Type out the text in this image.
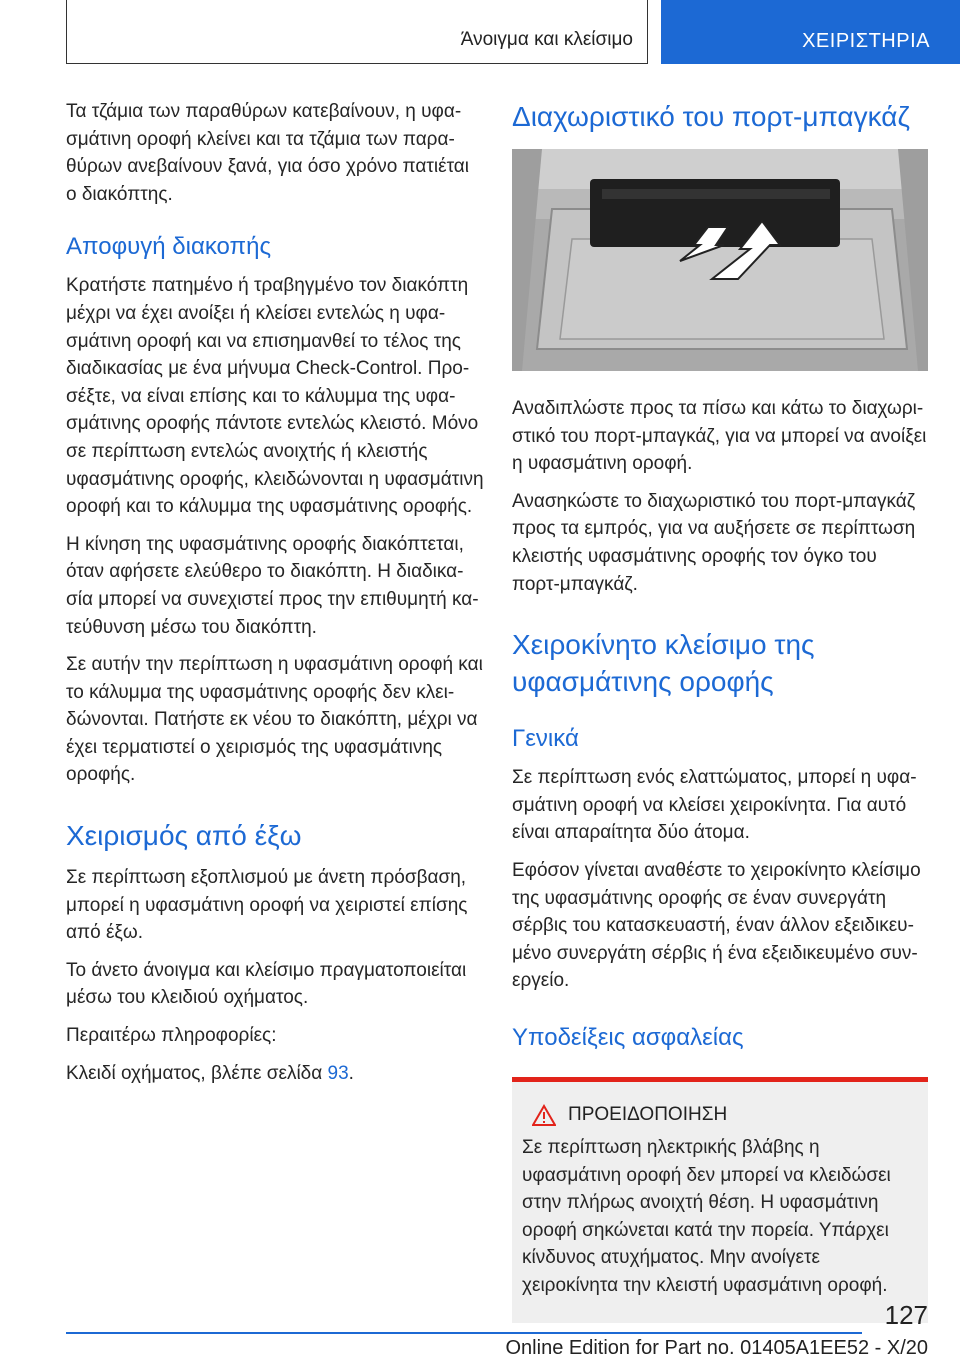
Άνοιγμα και κλείσιμο	ΧΕΙΡΙΣΤΗΡΙΑ

Τα τζάμια των παραθύρων κατεβαίνουν, η υφασμάτινη οροφή κλείνει και τα τζάμια των παραθύρων ανεβαίνουν ξανά, για όσο χρόνο πατιέται ο διακόπτης.

Αποφυγή διακοπής

Κρατήστε πατημένο ή τραβηγμένο τον διακόπτη μέχρι να έχει ανοίξει ή κλείσει εντελώς η υφασμάτινη οροφή και να επισημανθεί το τέλος της διαδικασίας με ένα μήνυμα Check-Control. Προσέξτε, να είναι επίσης και το κάλυμμα της υφασμάτινης οροφής πάντοτε εντελώς κλειστό. Μόνο σε περίπτωση εντελώς ανοιχτής ή κλειστής υφασμάτινης οροφής, κλειδώνονται η υφασμάτινη οροφή και το κάλυμμα της υφασμάτινης οροφής.

Η κίνηση της υφασμάτινης οροφής διακόπτεται, όταν αφήσετε ελεύθερο το διακόπτη. Η διαδικασία μπορεί να συνεχιστεί προς την επιθυμητή κατεύθυνση μέσω του διακόπτη.

Σε αυτήν την περίπτωση η υφασμάτινη οροφή και το κάλυμμα της υφασμάτινης οροφής δεν κλειδώνονται. Πατήστε εκ νέου το διακόπτη, μέχρι να έχει τερματιστεί ο χειρισμός της υφασμάτινης οροφής.

Χειρισμός από έξω

Σε περίπτωση εξοπλισμού με άνετη πρόσβαση, μπορεί η υφασμάτινη οροφή να χειριστεί επίσης από έξω.

Το άνετο άνοιγμα και κλείσιμο πραγματοποιείται μέσω του κλειδιού οχήματος.

Περαιτέρω πληροφορίες:

Κλειδί οχήματος, βλέπε σελίδα 93.

Διαχωριστικό του πορτ-μπαγκάζ

Αναδιπλώστε προς τα πίσω και κάτω το διαχωριστικό του πορτ-μπαγκάζ, για να μπορεί να ανοίξει η υφασμάτινη οροφή.

Ανασηκώστε το διαχωριστικό του πορτ-μπαγκάζ προς τα εμπρός, για να αυξήσετε σε περίπτωση κλειστής υφασμάτινης οροφής τον όγκο του πορτ-μπαγκάζ.

Χειροκίνητο κλείσιμο της υφασμάτινης οροφής
Γενικά

Σε περίπτωση ενός ελαττώματος, μπορεί η υφασμάτινη οροφή να κλείσει χειροκίνητα. Για αυτό είναι απαραίτητα δύο άτομα.

Εφόσον γίνεται αναθέστε το χειροκίνητο κλείσιμο της υφασμάτινης οροφής σε έναν συνεργάτη σέρβις του κατασκευαστή, έναν άλλον εξειδικευμένο συνεργάτη σέρβις ή ένα εξειδικευμένο συνεργείο.

Υποδείξεις ασφαλείας
ΠΡΟΕΙΔΟΠΟΙΗΣΗ

Σε περίπτωση ηλεκτρικής βλάβης η υφασμάτινη οροφή δεν μπορεί να κλειδώσει στην πλήρως ανοιχτή θέση. Η υφασμάτινη οροφή σηκώνεται κατά την πορεία. Υπάρχει κίνδυνος ατυχήματος. Μην ανοίγετε χειροκίνητα την κλειστή υφασμάτινη οροφή.

127
Online Edition for Part no. 01405A1EE52 - X/20
